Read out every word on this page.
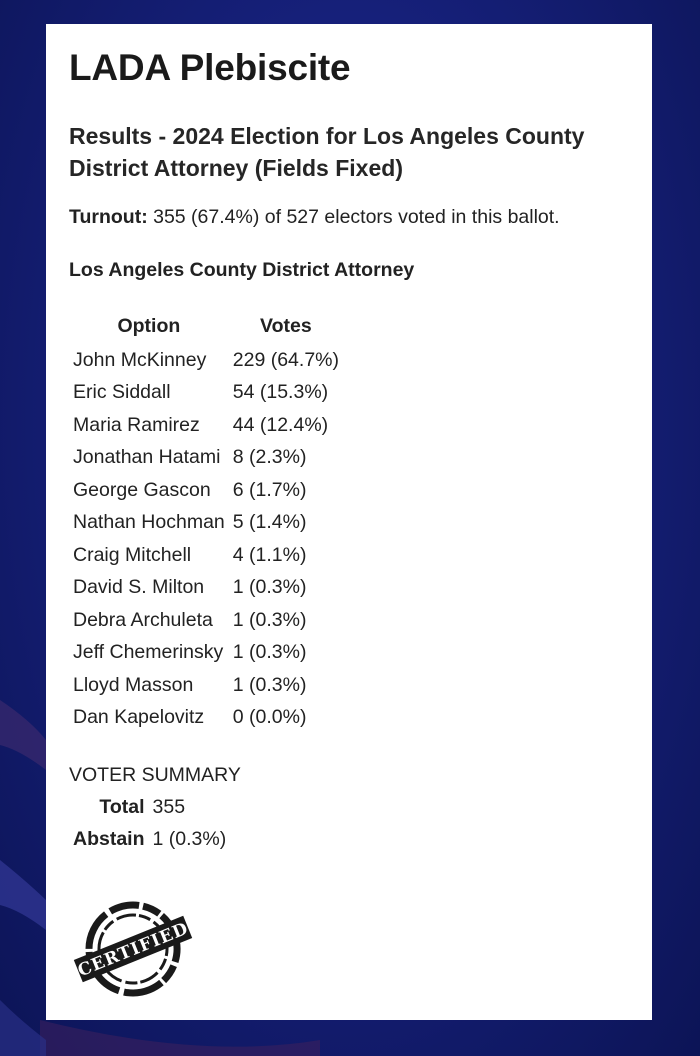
LADA Plebiscite
Results - 2024 Election for Los Angeles County District Attorney (Fields Fixed)
Turnout: 355 (67.4%) of 527 electors voted in this ballot.
Los Angeles County District Attorney
Option	Votes
John McKinney	229 (64.7%)
Eric Siddall	54 (15.3%)
Maria Ramirez	44 (12.4%)
Jonathan Hatami	8 (2.3%)
George Gascon	6 (1.7%)
Nathan Hochman	5 (1.4%)
Craig Mitchell	4 (1.1%)
David S. Milton	1 (0.3%)
Debra Archuleta	1 (0.3%)
Jeff Chemerinsky	1 (0.3%)
Lloyd Masson	1 (0.3%)
Dan Kapelovitz	0 (0.0%)
VOTER SUMMARY
Total	355
Abstain	1 (0.3%)
CERTIFIED
